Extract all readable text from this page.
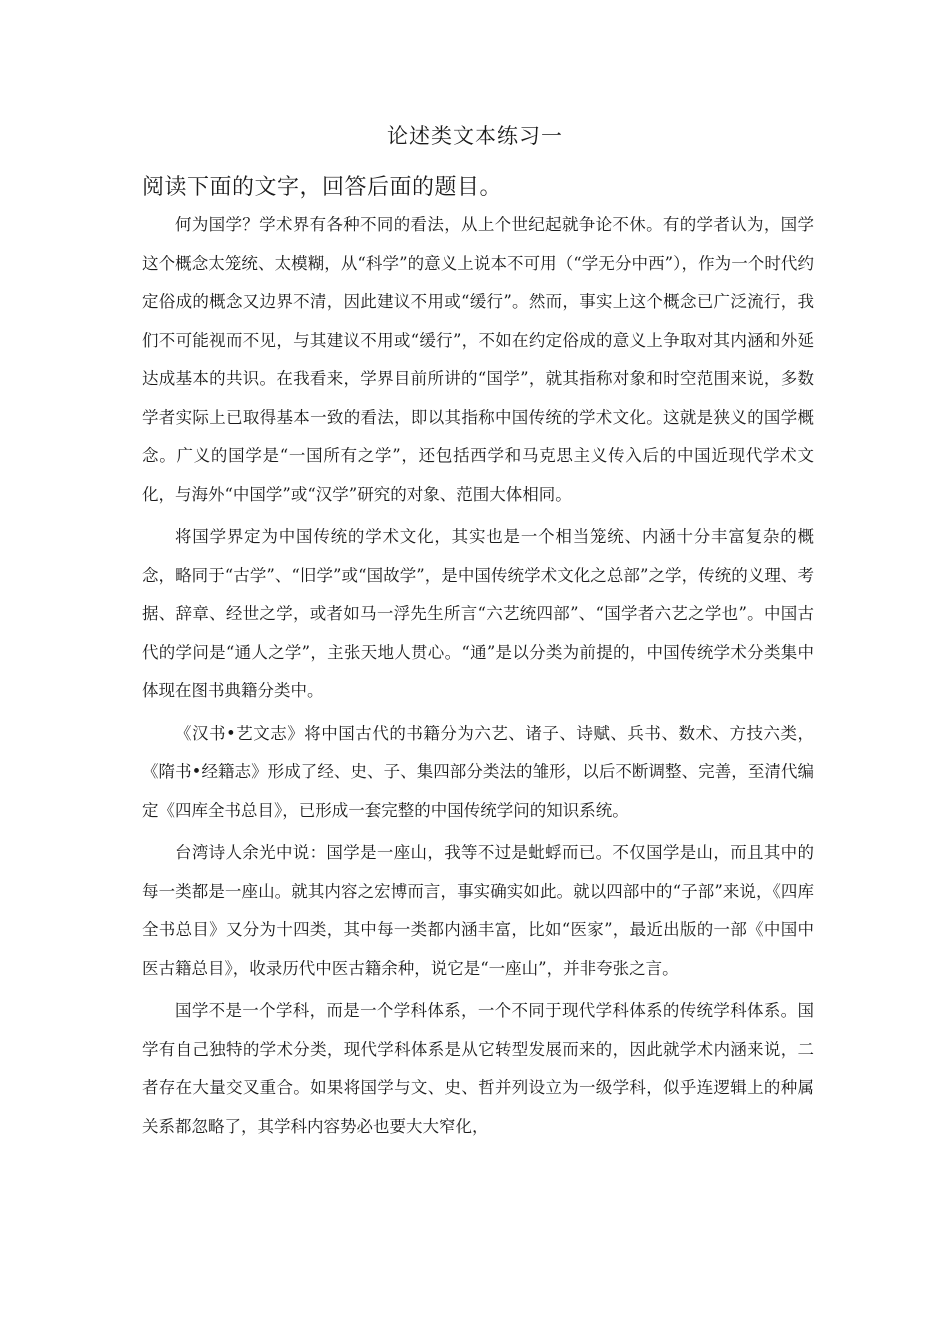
论述类文本练习一
阅读下面的文字，回答后面的题目。

何为国学？学术界有各种不同的看法，从上个世纪起就争论不休。有的学者认为，国学这个概念太笼统、太模糊，从“科学”的意义上说本不可用（“学无分中西”），作为一个时代约定俗成的概念又边界不清，因此建议不用或“缓行”。然而，事实上这个概念已广泛流行，我们不可能视而不见，与其建议不用或“缓行”，不如在约定俗成的意义上争取对其内涵和外延达成基本的共识。在我看来，学界目前所讲的“国学”，就其指称对象和时空范围来说，多数学者实际上已取得基本一致的看法，即以其指称中国传统的学术文化。这就是狭义的国学概念。广义的国学是“一国所有之学”，还包括西学和马克思主义传入后的中国近现代学术文化，与海外“中国学”或“汉学”研究的对象、范围大体相同。

将国学界定为中国传统的学术文化，其实也是一个相当笼统、内涵十分丰富复杂的概念，略同于“古学”、“旧学”或“国故学”，是中国传统学术文化之总部”之学，传统的义理、考据、辞章、经世之学，或者如马一浮先生所言“六艺统四部”、“国学者六艺之学也”。中国古代的学问是“通人之学”，主张天地人贯心。“通”是以分类为前提的，中国传统学术分类集中体现在图书典籍分类中。

《汉书•艺文志》将中国古代的书籍分为六艺、诸子、诗赋、兵书、数术、方技六类，《隋书•经籍志》形成了经、史、子、集四部分类法的雏形，以后不断调整、完善，至清代编定《四库全书总目》，已形成一套完整的中国传统学问的知识系统。

台湾诗人余光中说：国学是一座山，我等不过是蚍蜉而已。不仅国学是山，而且其中的每一类都是一座山。就其内容之宏博而言，事实确实如此。就以四部中的“子部”来说，《四库全书总目》又分为十四类，其中每一类都内涵丰富，比如“医家”，最近出版的一部《中国中医古籍总目》，收录历代中医古籍余种，说它是“一座山”，并非夸张之言。

国学不是一个学科，而是一个学科体系，一个不同于现代学科体系的传统学科体系。国学有自己独特的学术分类，现代学科体系是从它转型发展而来的，因此就学术内涵来说，二者存在大量交叉重合。如果将国学与文、史、哲并列设立为一级学科，似乎连逻辑上的种属关系都忽略了，其学科内容势必也要大大窄化，
